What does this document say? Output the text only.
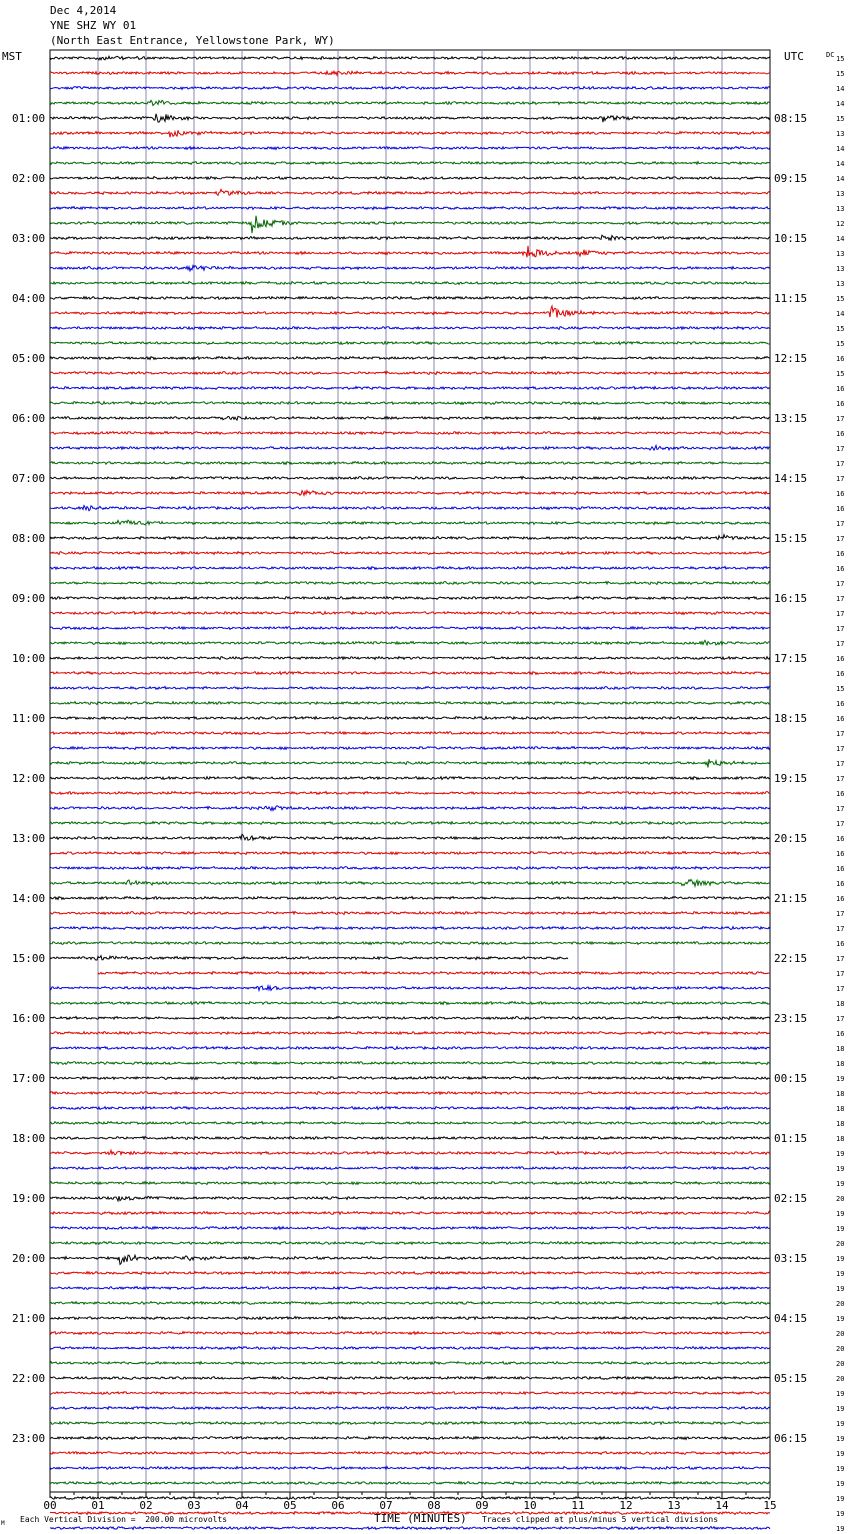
Dec 4,2014
YNE SHZ WY 01
(North East Entrance, Yellowstone Park, WY)
MST	UTC	DC 15
15
14
14
15
13
14
14
14
13
13
12
14
13
13
13
15
14
15
15
16
15
16
16
17
16
17
17
17
16
16
17
17
16
16
17
17
17
17
17
16
16
15
16
16
17
17
17
17
16
17
17
16
16
16
16
16
17
17
16
17
17
17
18
17
16
18
18
19
18
18
18
18
19
19
19
20
19
19
20
19
19
19
20
19
20
20
20
20
19
19
19
19
19
19
19
19
19
19
01:00
02:00
03:00
04:00
05:00
06:00
07:00
08:00
09:00
10:00
11:00
12:00
13:00
14:00
15:00
16:00
17:00
18:00
19:00
20:00
21:00
22:00
23:00
08:15
09:15
10:15
11:15
12:15
13:15
14:15
15:15
16:15
17:15
18:15
19:15
20:15
21:15
22:15
23:15
00:15
01:15
02:15
03:15
04:15
05:15
06:15
00	01	02	03	04	05	06	07	08	09	10	11	12	13	14	15
M Each Vertical Division =  200.00 microvolts	TIME (MINUTES) Traces clipped at plus/minus 5 vertical divisions
